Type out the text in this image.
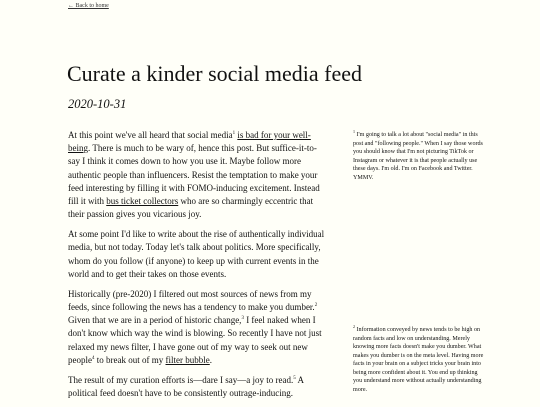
← Back to home
Curate a kinder social media feed
2020-10-31

At this point we've all heard that social media$^1$ is bad for your well-being. There is much to be wary of, hence this post. But suffice-it-to-say I think it comes down to how you use it. Maybe follow more authentic people than influencers. Resist the temptation to make your feed interesting by filling it with FOMO-inducing excitement. Instead fill it with bus ticket collectors who are so charmingly eccentric that their passion gives you vicarious joy.

At some point I'd like to write about the rise of authentically individual media, but not today. Today let's talk about politics. More specifically, whom do you follow (if anyone) to keep up with current events in the world and to get their takes on those events.

Historically (pre-2020) I filtered out most sources of news from my feeds, since following the news has a tendency to make you dumber.$^2$ Given that we are in a period of historic change,$^3$ I feel naked when I don't know which way the wind is blowing. So recently I have not just relaxed my news filter, I have gone out of my way to seek out new people$^4$ to break out of my filter bubble.

The result of my curation efforts is—dare I say—a joy to read.$^5$ A political feed doesn't have to be consistently outrage-inducing.

$^1$ I'm going to talk a lot about "social media" in this post and "following people." When I say those words you should know that I'm not picturing TikTok or Instagram or whatever it is that people actually use these days. I'm old. I'm on Facebook and Twitter. YMMV.
$^2$ Information conveyed by news tends to be high on random facts and low on understanding. Merely knowing more facts doesn't make you dumber. What makes you dumber is on the meta level. Having more facts in your brain on a subject tricks your brain into being more confident about it. You end up thinking you understand more without actually understanding more.
